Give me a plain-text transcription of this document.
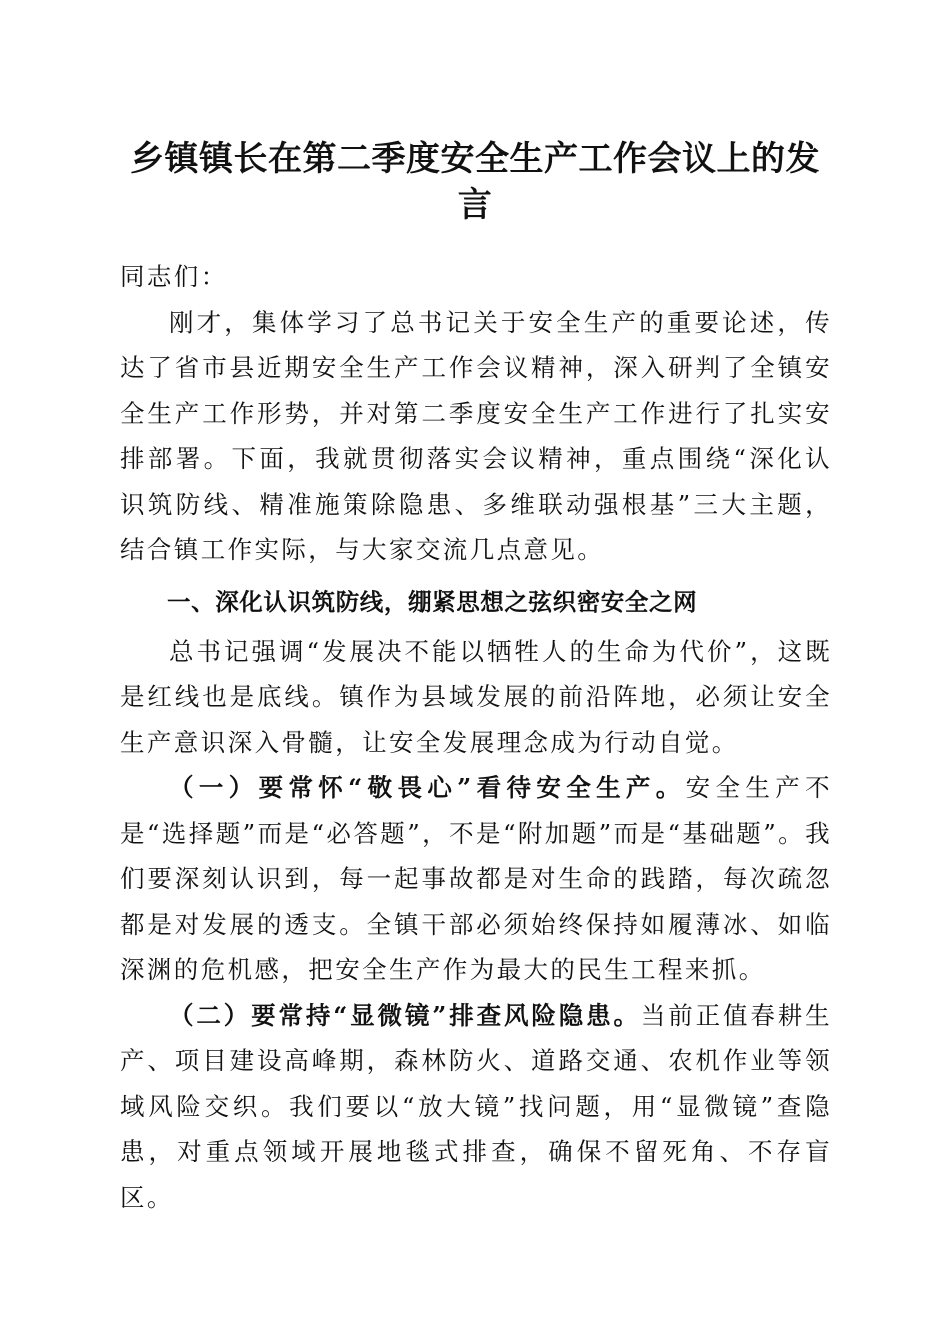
乡镇镇长在第二季度安全生产工作会议上的发言

同志们：

刚才，集体学习了总书记关于安全生产的重要论述，传达了省市县近期安全生产工作会议精神，深入研判了全镇安全生产工作形势，并对第二季度安全生产工作进行了扎实安排部署。下面，我就贯彻落实会议精神，重点围绕“深化认识筑防线、精准施策除隐患、多维联动强根基”三大主题，结合镇工作实际，与大家交流几点意见。

一、深化认识筑防线，绷紧思想之弦织密安全之网

总书记强调“发展决不能以牺牲人的生命为代价”，这既是红线也是底线。镇作为县域发展的前沿阵地，必须让安全生产意识深入骨髓，让安全发展理念成为行动自觉。

（一）要常怀“敬畏心”看待安全生产。安全生产不是“选择题”而是“必答题”，不是“附加题”而是“基础题”。我们要深刻认识到，每一起事故都是对生命的践踏，每次疏忽都是对发展的透支。全镇干部必须始终保持如履薄冰、如临深渊的危机感，把安全生产作为最大的民生工程来抓。

（二）要常持“显微镜”排查风险隐患。当前正值春耕生产、项目建设高峰期，森林防火、道路交通、农机作业等领域风险交织。我们要以“放大镜”找问题，用“显微镜”查隐患，对重点领域开展地毯式排查，确保不留死角、不存盲区。
